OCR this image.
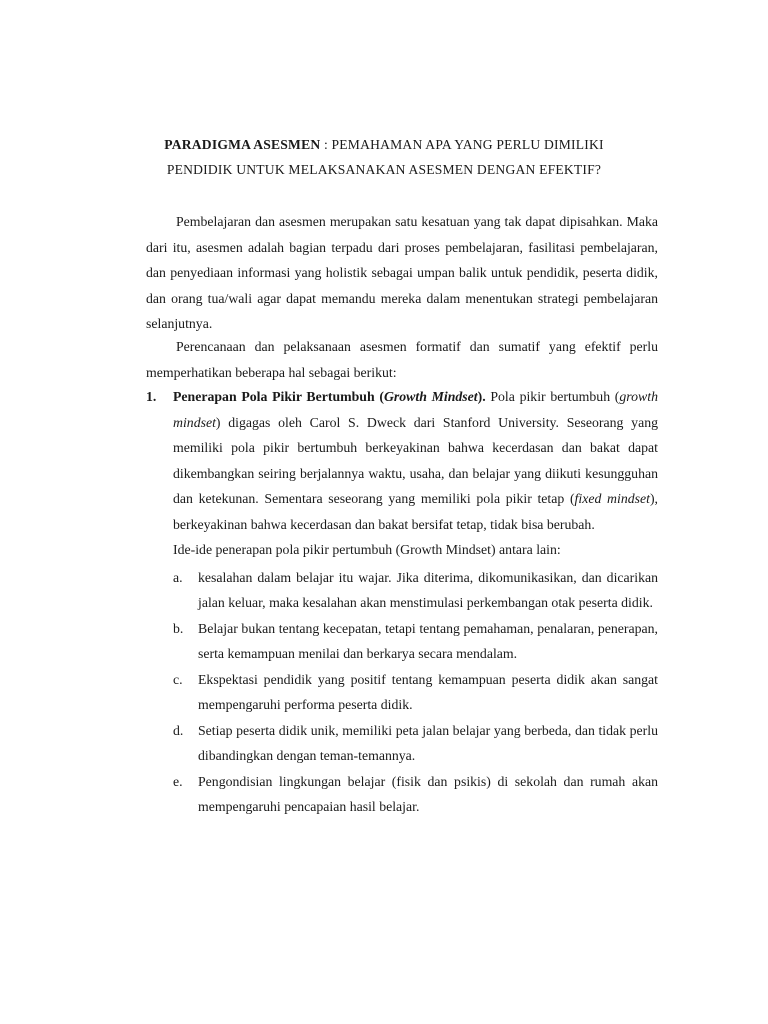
PARADIGMA ASESMEN : PEMAHAMAN APA YANG PERLU DIMILIKI
PENDIDIK UNTUK MELAKSANAKAN ASESMEN DENGAN EFEKTIF?
Pembelajaran dan asesmen merupakan satu kesatuan yang tak dapat dipisahkan. Maka dari itu, asesmen adalah bagian terpadu dari proses pembelajaran, fasilitasi pembelajaran, dan penyediaan informasi yang holistik sebagai umpan balik untuk pendidik, peserta didik, dan orang tua/wali agar dapat memandu mereka dalam menentukan strategi pembelajaran selanjutnya.
Perencanaan dan pelaksanaan asesmen formatif dan sumatif yang efektif perlu memperhatikan beberapa hal sebagai berikut:
1. Penerapan Pola Pikir Bertumbuh (Growth Mindset). Pola pikir bertumbuh (growth mindset) digagas oleh Carol S. Dweck dari Stanford University. Seseorang yang memiliki pola pikir bertumbuh berkeyakinan bahwa kecerdasan dan bakat dapat dikembangkan seiring berjalannya waktu, usaha, dan belajar yang diikuti kesungguhan dan ketekunan. Sementara seseorang yang memiliki pola pikir tetap (fixed mindset), berkeyakinan bahwa kecerdasan dan bakat bersifat tetap, tidak bisa berubah.
Ide-ide penerapan pola pikir pertumbuh (Growth Mindset) antara lain:
a. kesalahan dalam belajar itu wajar. Jika diterima, dikomunikasikan, dan dicarikan jalan keluar, maka kesalahan akan menstimulasi perkembangan otak peserta didik.
b. Belajar bukan tentang kecepatan, tetapi tentang pemahaman, penalaran, penerapan, serta kemampuan menilai dan berkarya secara mendalam.
c. Ekspektasi pendidik yang positif tentang kemampuan peserta didik akan sangat mempengaruhi performa peserta didik.
d. Setiap peserta didik unik, memiliki peta jalan belajar yang berbeda, dan tidak perlu dibandingkan dengan teman-temannya.
e. Pengondisian lingkungan belajar (fisik dan psikis) di sekolah dan rumah akan mempengaruhi pencapaian hasil belajar.
